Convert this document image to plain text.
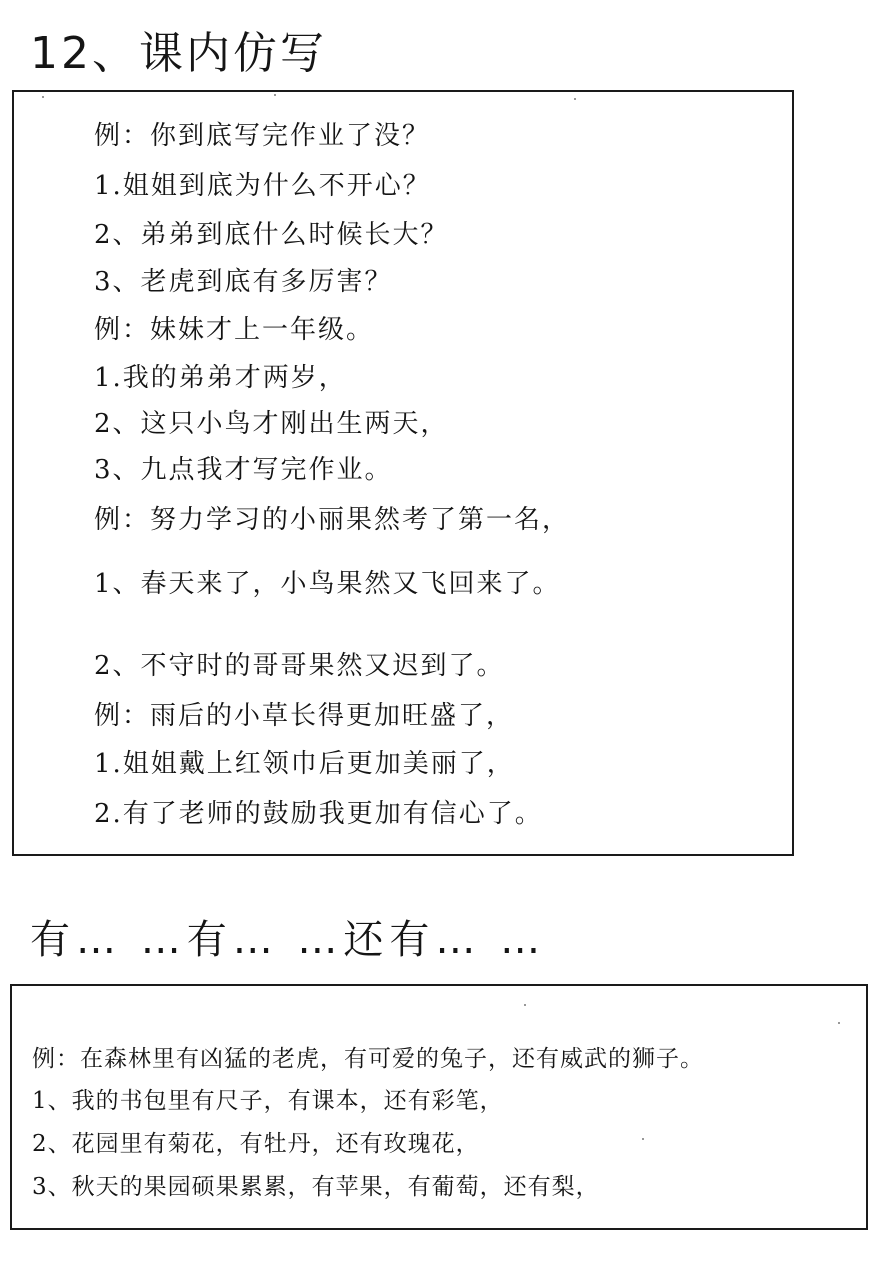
12、课内仿写
例：你到底写完作业了没？
1.姐姐到底为什么不开心？
2、弟弟到底什么时候长大？
3、老虎到底有多厉害？
例：妹妹才上一年级。
1.我的弟弟才两岁，
2、这只小鸟才刚出生两天，
3、九点我才写完作业。
例：努力学习的小丽果然考了第一名，
1、春天来了，小鸟果然又飞回来了。
2、不守时的哥哥果然又迟到了。
例：雨后的小草长得更加旺盛了，
1.姐姐戴上红领巾后更加美丽了，
2.有了老师的鼓励我更加有信心了。
有… …有… …还有… …
例：在森林里有凶猛的老虎，有可爱的兔子，还有威武的狮子。
1、我的书包里有尺子，有课本，还有彩笔，
2、花园里有菊花，有牡丹，还有玫瑰花，
3、秋天的果园硕果累累，有苹果，有葡萄，还有梨，
